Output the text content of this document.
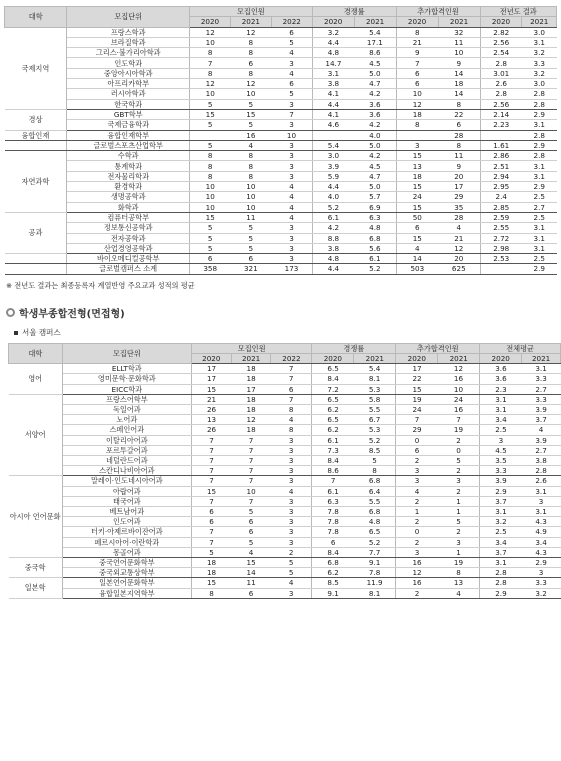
대학	모집단위	모집인원			경쟁률		추가합격인원		전년도 결과	
		2020	2021	2022	2020	2021	2020	2021	2020	2021
국제지역	프랑스학과	12	12	6	3.2	5.4	8	32	2.82	3.0
	브라질학과	10	8	5	4.4	17.1	21	11	2.56	3.1
	그리스·불가리아학과	8	8	4	4.8	8.6	9	10	2.54	3.2
	인도학과	7	6	3	14.7	4.5	7	9	2.8	3.3
	중앙아시아학과	8	8	4	3.1	5.0	6	14	3.01	3.2
	아프리카학부	12	12	6	3.8	4.7	6	18	2.6	3.0
	러시아학과	10	10	5	4.1	4.2	10	14	2.8	2.8
	한국학과	5	5	3	4.4	3.6	12	8	2.56	2.8
경상	GBT학부	15	15	7	4.1	3.6	18	22	2.14	2.9
	국제금융학과	5	5	3	4.6	4.2	8	6	2.23	3.1
융합인재	융합인재학부		16	10		4.0		28		2.8
	글로벌스포츠산업학부	5	4	3	5.4	5.0	3	8	1.61	2.9
자연과학	수학과	8	8	3	3.0	4.2	15	11	2.86	2.8
	통계학과	8	8	3	3.9	4.5	13	9	2.51	3.1
	전자물리학과	8	8	3	5.9	4.7	18	20	2.94	3.1
	환경학과	10	10	4	4.4	5.0	15	17	2.95	2.9
	생명공학과	10	10	4	4.0	5.7	24	29	2.4	2.5
	화학과	10	10	4	5.2	6.9	15	35	2.85	2.7
공과	컴퓨터공학부	15	11	4	6.1	6.3	50	28	2.59	2.5
	정보통신공학과	5	5	3	4.2	4.8	6	4	2.55	3.1
	전자공학과	5	5	3	8.8	6.8	15	21	2.72	3.1
	산업경영공학과	5	5	3	3.8	5.6	4	12	2.98	3.1
	바이오메디컬공학부	6	6	3	4.8	6.1	14	20	2.53	2.5
	글로벌캠퍼스 소계	358	321	173	4.4	5.2	503	625		2.9
※ 전년도 결과는 최종등록자 계열반영 주요교과 성적의 평균
학생부종합전형(면접형)
서울 캠퍼스
대학	모집단위	모집인원			경쟁률		추가합격인원		전체평균	
		2020	2021	2022	2020	2021	2020	2021	2020	2021
영어	ELLT학과	17	18	7	6.5	5.4	17	12	3.6	3.1
	영미문학·문화학과	17	18	7	8.4	8.1	22	16	3.6	3.3
	EICC학과	15	17	6	7.2	5.3	15	10	2.3	2.7
서양어	프랑스어학부	21	18	7	6.5	5.8	19	24	3.1	3.3
	독일어과	26	18	8	6.2	5.5	24	16	3.1	3.9
	노어과	13	12	4	6.5	6.7	7	7	3.4	3.7
	스페인어과	26	18	8	6.2	5.3	29	19	2.5	4
	이탈리아어과	7	7	3	6.1	5.2	0	2	3	3.9
	포르투갈어과	7	7	3	7.3	8.5	6	0	4.5	2.7
	네덜란드어과	7	7	3	8.4	5	2	5	3.5	3.8
	스칸디나비아어과	7	7	3	8.6	8	3	2	3.3	2.8
아시아 언어문화	말레이·인도네시아어과	7	7	3	7	6.8	3	3	3.9	2.6
	아랍어과	15	10	4	6.1	6.4	4	2	2.9	3.1
	태국어과	7	7	3	6.3	5.5	2	1	3.7	3
	베트남어과	6	5	3	7.8	6.8	1	1	3.1	3.1
	인도어과	6	6	3	7.8	4.8	2	5	3.2	4.3
	터키·아제르바이잔어과	7	6	3	7.8	6.5	0	2	2.5	4.9
	페르시아어·이란학과	7	5	3	6	5.2	2	3	3.4	3.4
	몽골어과	5	4	2	8.4	7.7	3	1	3.7	4.3
중국학	중국언어문화학부	18	15	5	6.8	9.1	16	19	3.1	2.9
	중국외교통상학부	18	14	5	6.2	7.8	12	8	2.8	3
일본학	일본언어문화학부	15	11	4	8.5	11.9	16	13	2.8	3.3
	융합일본지역학부	8	6	3	9.1	8.1	2	4	2.9	3.2
